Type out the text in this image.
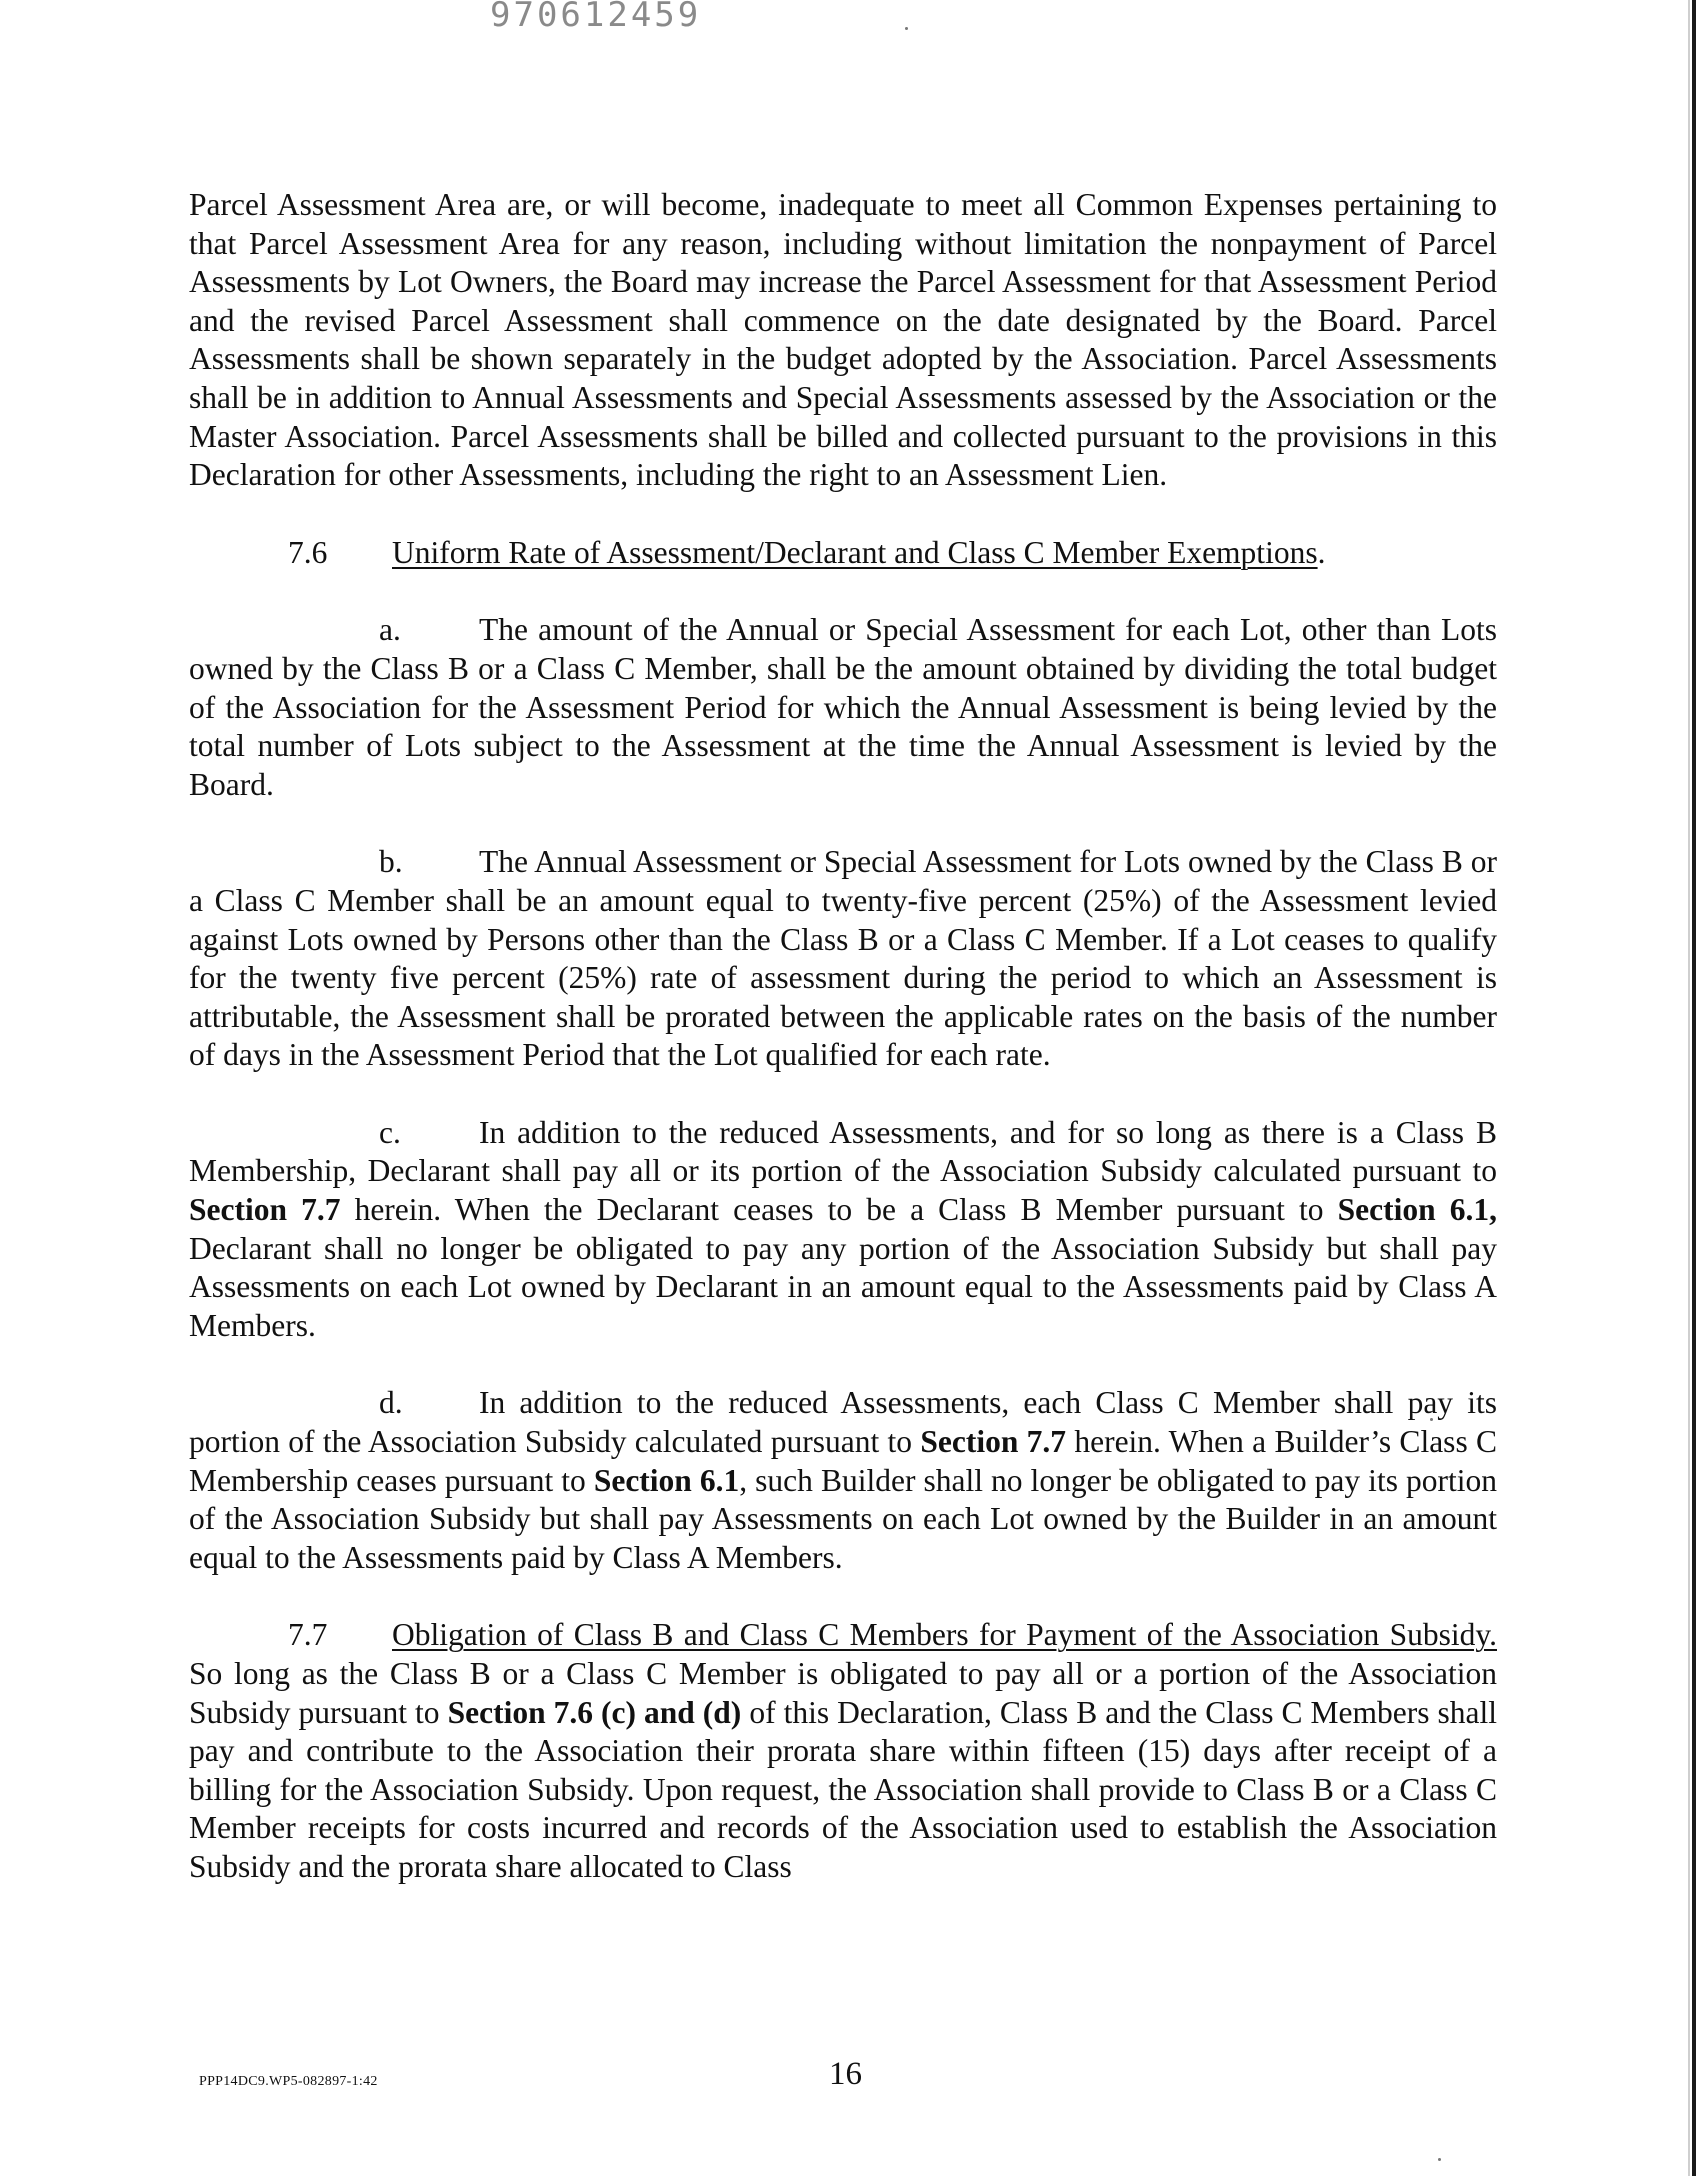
970612459

Parcel Assessment Area are, or will become, inadequate to meet all Common Expenses pertaining to that Parcel Assessment Area for any reason, including without limitation the nonpayment of Parcel Assessments by Lot Owners, the Board may increase the Parcel Assessment for that Assessment Period and the revised Parcel Assessment shall commence on the date designated by the Board. Parcel Assessments shall be shown separately in the budget adopted by the Association. Parcel Assessments shall be in addition to Annual Assessments and Special Assessments assessed by the Association or the Master Association. Parcel Assessments shall be billed and collected pursuant to the provisions in this Declaration for other Assessments, including the right to an Assessment Lien.

7.6 Uniform Rate of Assessment/Declarant and Class C Member Exemptions.

a. The amount of the Annual or Special Assessment for each Lot, other than Lots owned by the Class B or a Class C Member, shall be the amount obtained by dividing the total budget of the Association for the Assessment Period for which the Annual Assessment is being levied by the total number of Lots subject to the Assessment at the time the Annual Assessment is levied by the Board.

b. The Annual Assessment or Special Assessment for Lots owned by the Class B or a Class C Member shall be an amount equal to twenty-five percent (25%) of the Assessment levied against Lots owned by Persons other than the Class B or a Class C Member. If a Lot ceases to qualify for the twenty five percent (25%) rate of assessment during the period to which an Assessment is attributable, the Assessment shall be prorated between the applicable rates on the basis of the number of days in the Assessment Period that the Lot qualified for each rate.

c. In addition to the reduced Assessments, and for so long as there is a Class B Membership, Declarant shall pay all or its portion of the Association Subsidy calculated pursuant to Section 7.7 herein. When the Declarant ceases to be a Class B Member pursuant to Section 6.1, Declarant shall no longer be obligated to pay any portion of the Association Subsidy but shall pay Assessments on each Lot owned by Declarant in an amount equal to the Assessments paid by Class A Members.

d. In addition to the reduced Assessments, each Class C Member shall pay its portion of the Association Subsidy calculated pursuant to Section 7.7 herein. When a Builder’s Class C Membership ceases pursuant to Section 6.1, such Builder shall no longer be obligated to pay its portion of the Association Subsidy but shall pay Assessments on each Lot owned by the Builder in an amount equal to the Assessments paid by Class A Members.

7.7 Obligation of Class B and Class C Members for Payment of the Association Subsidy. So long as the Class B or a Class C Member is obligated to pay all or a portion of the Association Subsidy pursuant to Section 7.6 (c) and (d) of this Declaration, Class B and the Class C Members shall pay and contribute to the Association their prorata share within fifteen (15) days after receipt of a billing for the Association Subsidy. Upon request, the Association shall provide to Class B or a Class C Member receipts for costs incurred and records of the Association used to establish the Association Subsidy and the prorata share allocated to Class

PPP14DC9.WP5-082897-1:42	16
